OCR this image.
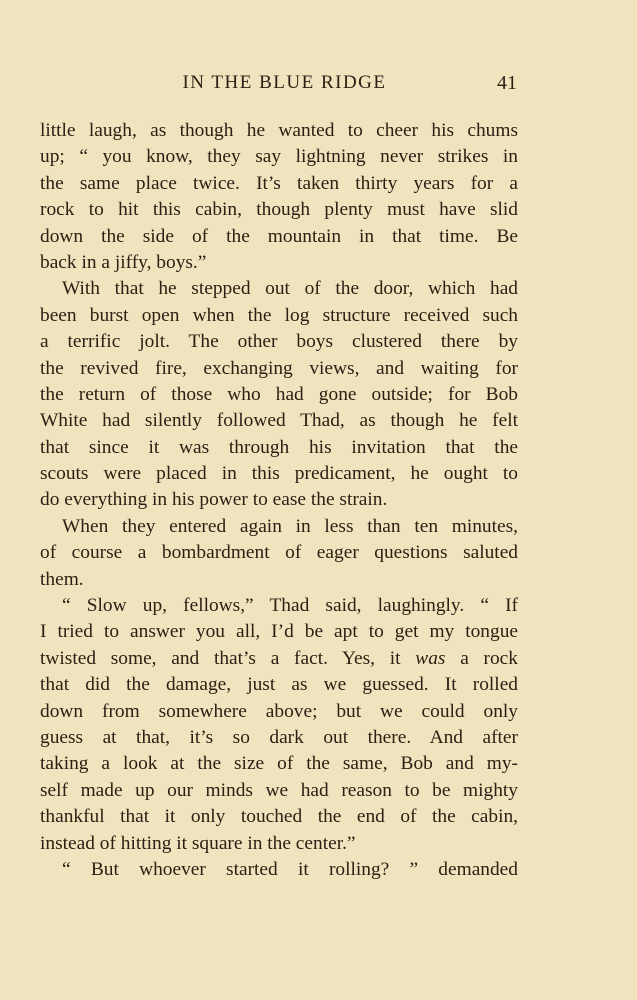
IN THE BLUE RIDGE	41
little laugh, as though he wanted to cheer his chums
up; “ you know, they say lightning never strikes in
the same place twice. It’s taken thirty years for a
rock to hit this cabin, though plenty must have slid
down the side of the mountain in that time. Be
back in a jiffy, boys.”
With that he stepped out of the door, which had
been burst open when the log structure received such
a terrific jolt. The other boys clustered there by
the revived fire, exchanging views, and waiting for
the return of those who had gone outside; for Bob
White had silently followed Thad, as though he felt
that since it was through his invitation that the
scouts were placed in this predicament, he ought to
do everything in his power to ease the strain.
When they entered again in less than ten minutes,
of course a bombardment of eager questions saluted
them.
“ Slow up, fellows,” Thad said, laughingly. “ If
I tried to answer you all, I’d be apt to get my tongue
twisted some, and that’s a fact. Yes, it was a rock
that did the damage, just as we guessed. It rolled
down from somewhere above; but we could only
guess at that, it’s so dark out there. And after
taking a look at the size of the same, Bob and my-
self made up our minds we had reason to be mighty
thankful that it only touched the end of the cabin,
instead of hitting it square in the center.”
“ But whoever started it rolling? ” demanded
